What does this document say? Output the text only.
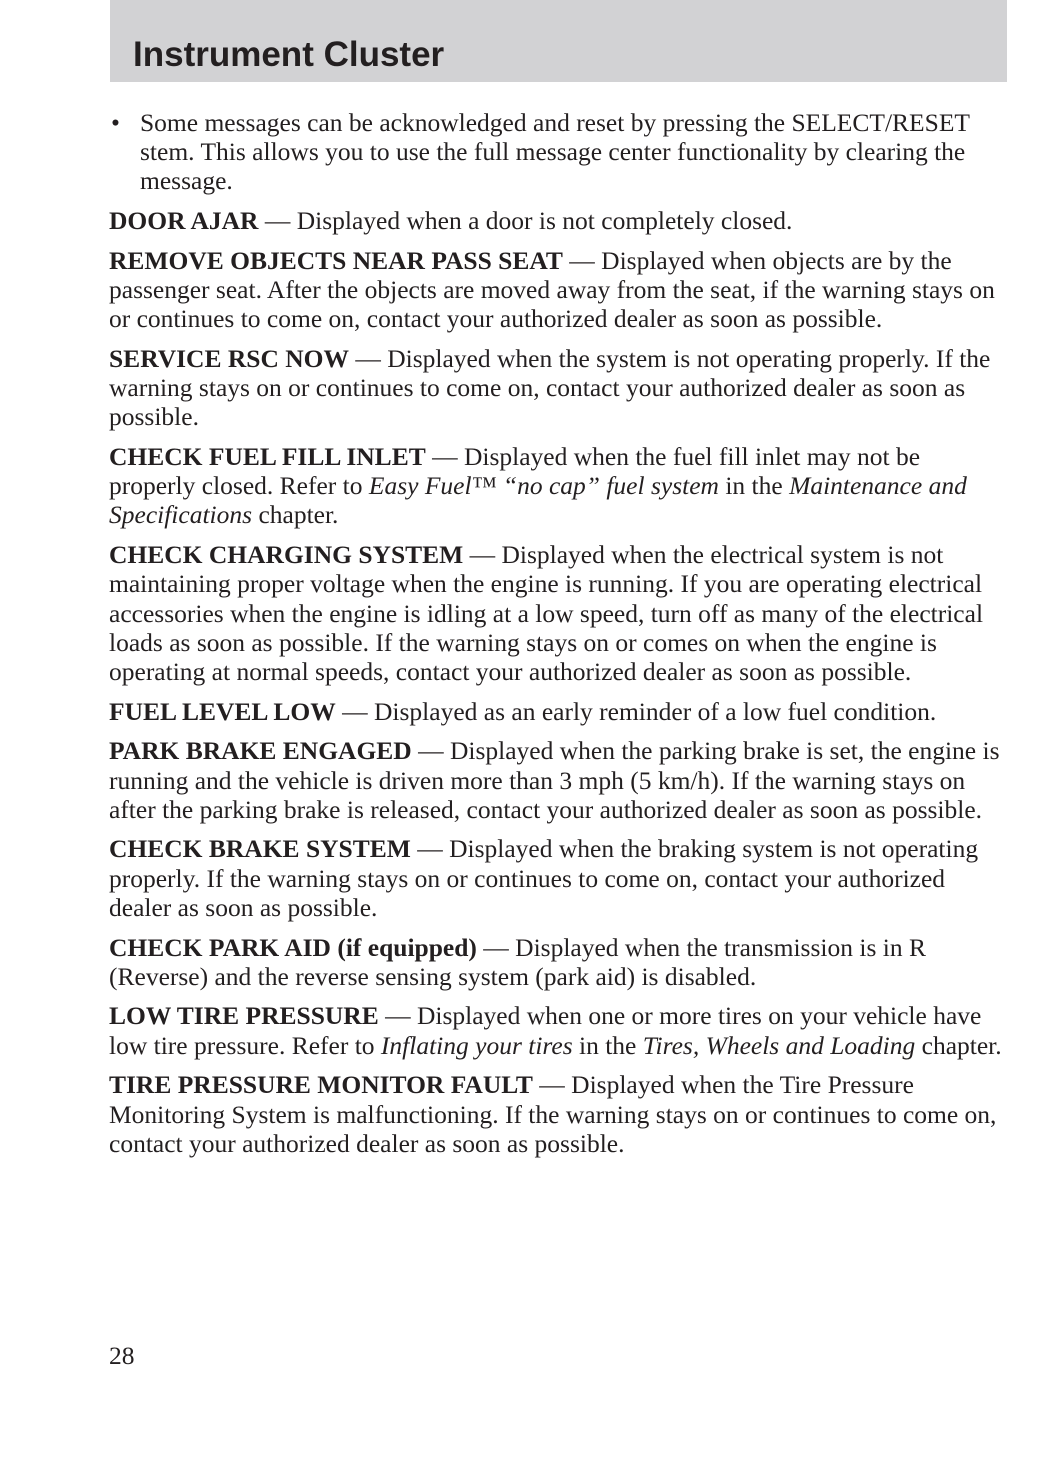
Instrument Cluster

• Some messages can be acknowledged and reset by pressing the SELECT/RESET stem. This allows you to use the full message center functionality by clearing the message.

DOOR AJAR — Displayed when a door is not completely closed.

REMOVE OBJECTS NEAR PASS SEAT — Displayed when objects are by the passenger seat. After the objects are moved away from the seat, if the warning stays on or continues to come on, contact your authorized dealer as soon as possible.

SERVICE RSC NOW — Displayed when the system is not operating properly. If the warning stays on or continues to come on, contact your authorized dealer as soon as possible.

CHECK FUEL FILL INLET — Displayed when the fuel fill inlet may not be properly closed. Refer to Easy Fuel™ “no cap” fuel system in the Maintenance and Specifications chapter.

CHECK CHARGING SYSTEM — Displayed when the electrical system is not maintaining proper voltage when the engine is running. If you are operating electrical accessories when the engine is idling at a low speed, turn off as many of the electrical loads as soon as possible. If the warning stays on or comes on when the engine is operating at normal speeds, contact your authorized dealer as soon as possible.

FUEL LEVEL LOW — Displayed as an early reminder of a low fuel condition.

PARK BRAKE ENGAGED — Displayed when the parking brake is set, the engine is running and the vehicle is driven more than 3 mph (5 km/h). If the warning stays on after the parking brake is released, contact your authorized dealer as soon as possible.

CHECK BRAKE SYSTEM — Displayed when the braking system is not operating properly. If the warning stays on or continues to come on, contact your authorized dealer as soon as possible.

CHECK PARK AID (if equipped) — Displayed when the transmission is in R (Reverse) and the reverse sensing system (park aid) is disabled.

LOW TIRE PRESSURE — Displayed when one or more tires on your vehicle have low tire pressure. Refer to Inflating your tires in the Tires, Wheels and Loading chapter.

TIRE PRESSURE MONITOR FAULT — Displayed when the Tire Pressure Monitoring System is malfunctioning. If the warning stays on or continues to come on, contact your authorized dealer as soon as possible.

28
